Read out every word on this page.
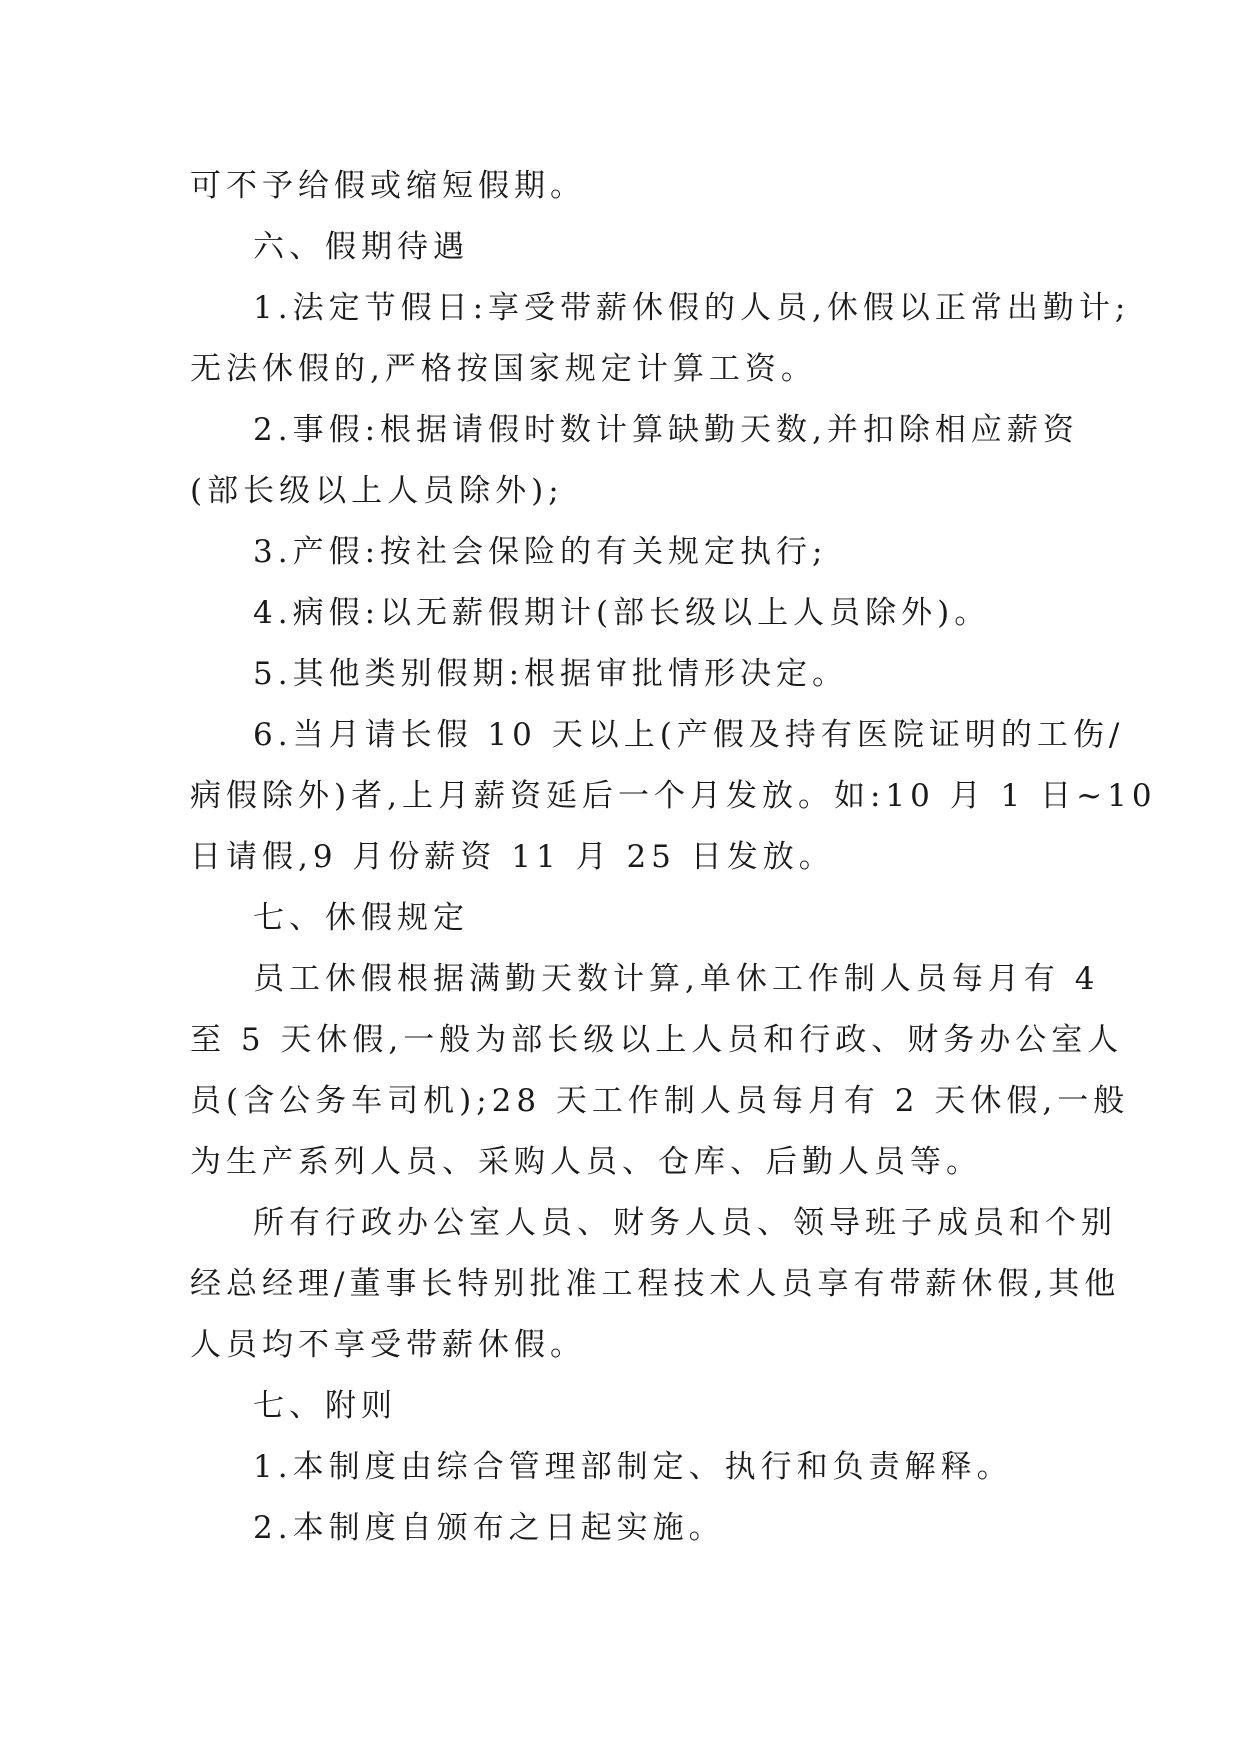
可不予给假或缩短假期。

六、假期待遇

1.法定节假日:享受带薪休假的人员,休假以正常出勤计;

无法休假的,严格按国家规定计算工资。

2.事假:根据请假时数计算缺勤天数,并扣除相应薪资

(部长级以上人员除外);

3.产假:按社会保险的有关规定执行;

4.病假:以无薪假期计(部长级以上人员除外)。

5.其他类别假期:根据审批情形决定。

6.当月请长假 10 天以上(产假及持有医院证明的工伤/

病假除外)者,上月薪资延后一个月发放。如:10 月 1 日~10

日请假,9 月份薪资 11 月 25 日发放。

七、休假规定

员工休假根据满勤天数计算,单休工作制人员每月有 4

至 5 天休假,一般为部长级以上人员和行政、财务办公室人

员(含公务车司机);28 天工作制人员每月有 2 天休假,一般

为生产系列人员、采购人员、仓库、后勤人员等。

所有行政办公室人员、财务人员、领导班子成员和个别

经总经理/董事长特别批准工程技术人员享有带薪休假,其他

人员均不享受带薪休假。

七、附则

1.本制度由综合管理部制定、执行和负责解释。

2.本制度自颁布之日起实施。
